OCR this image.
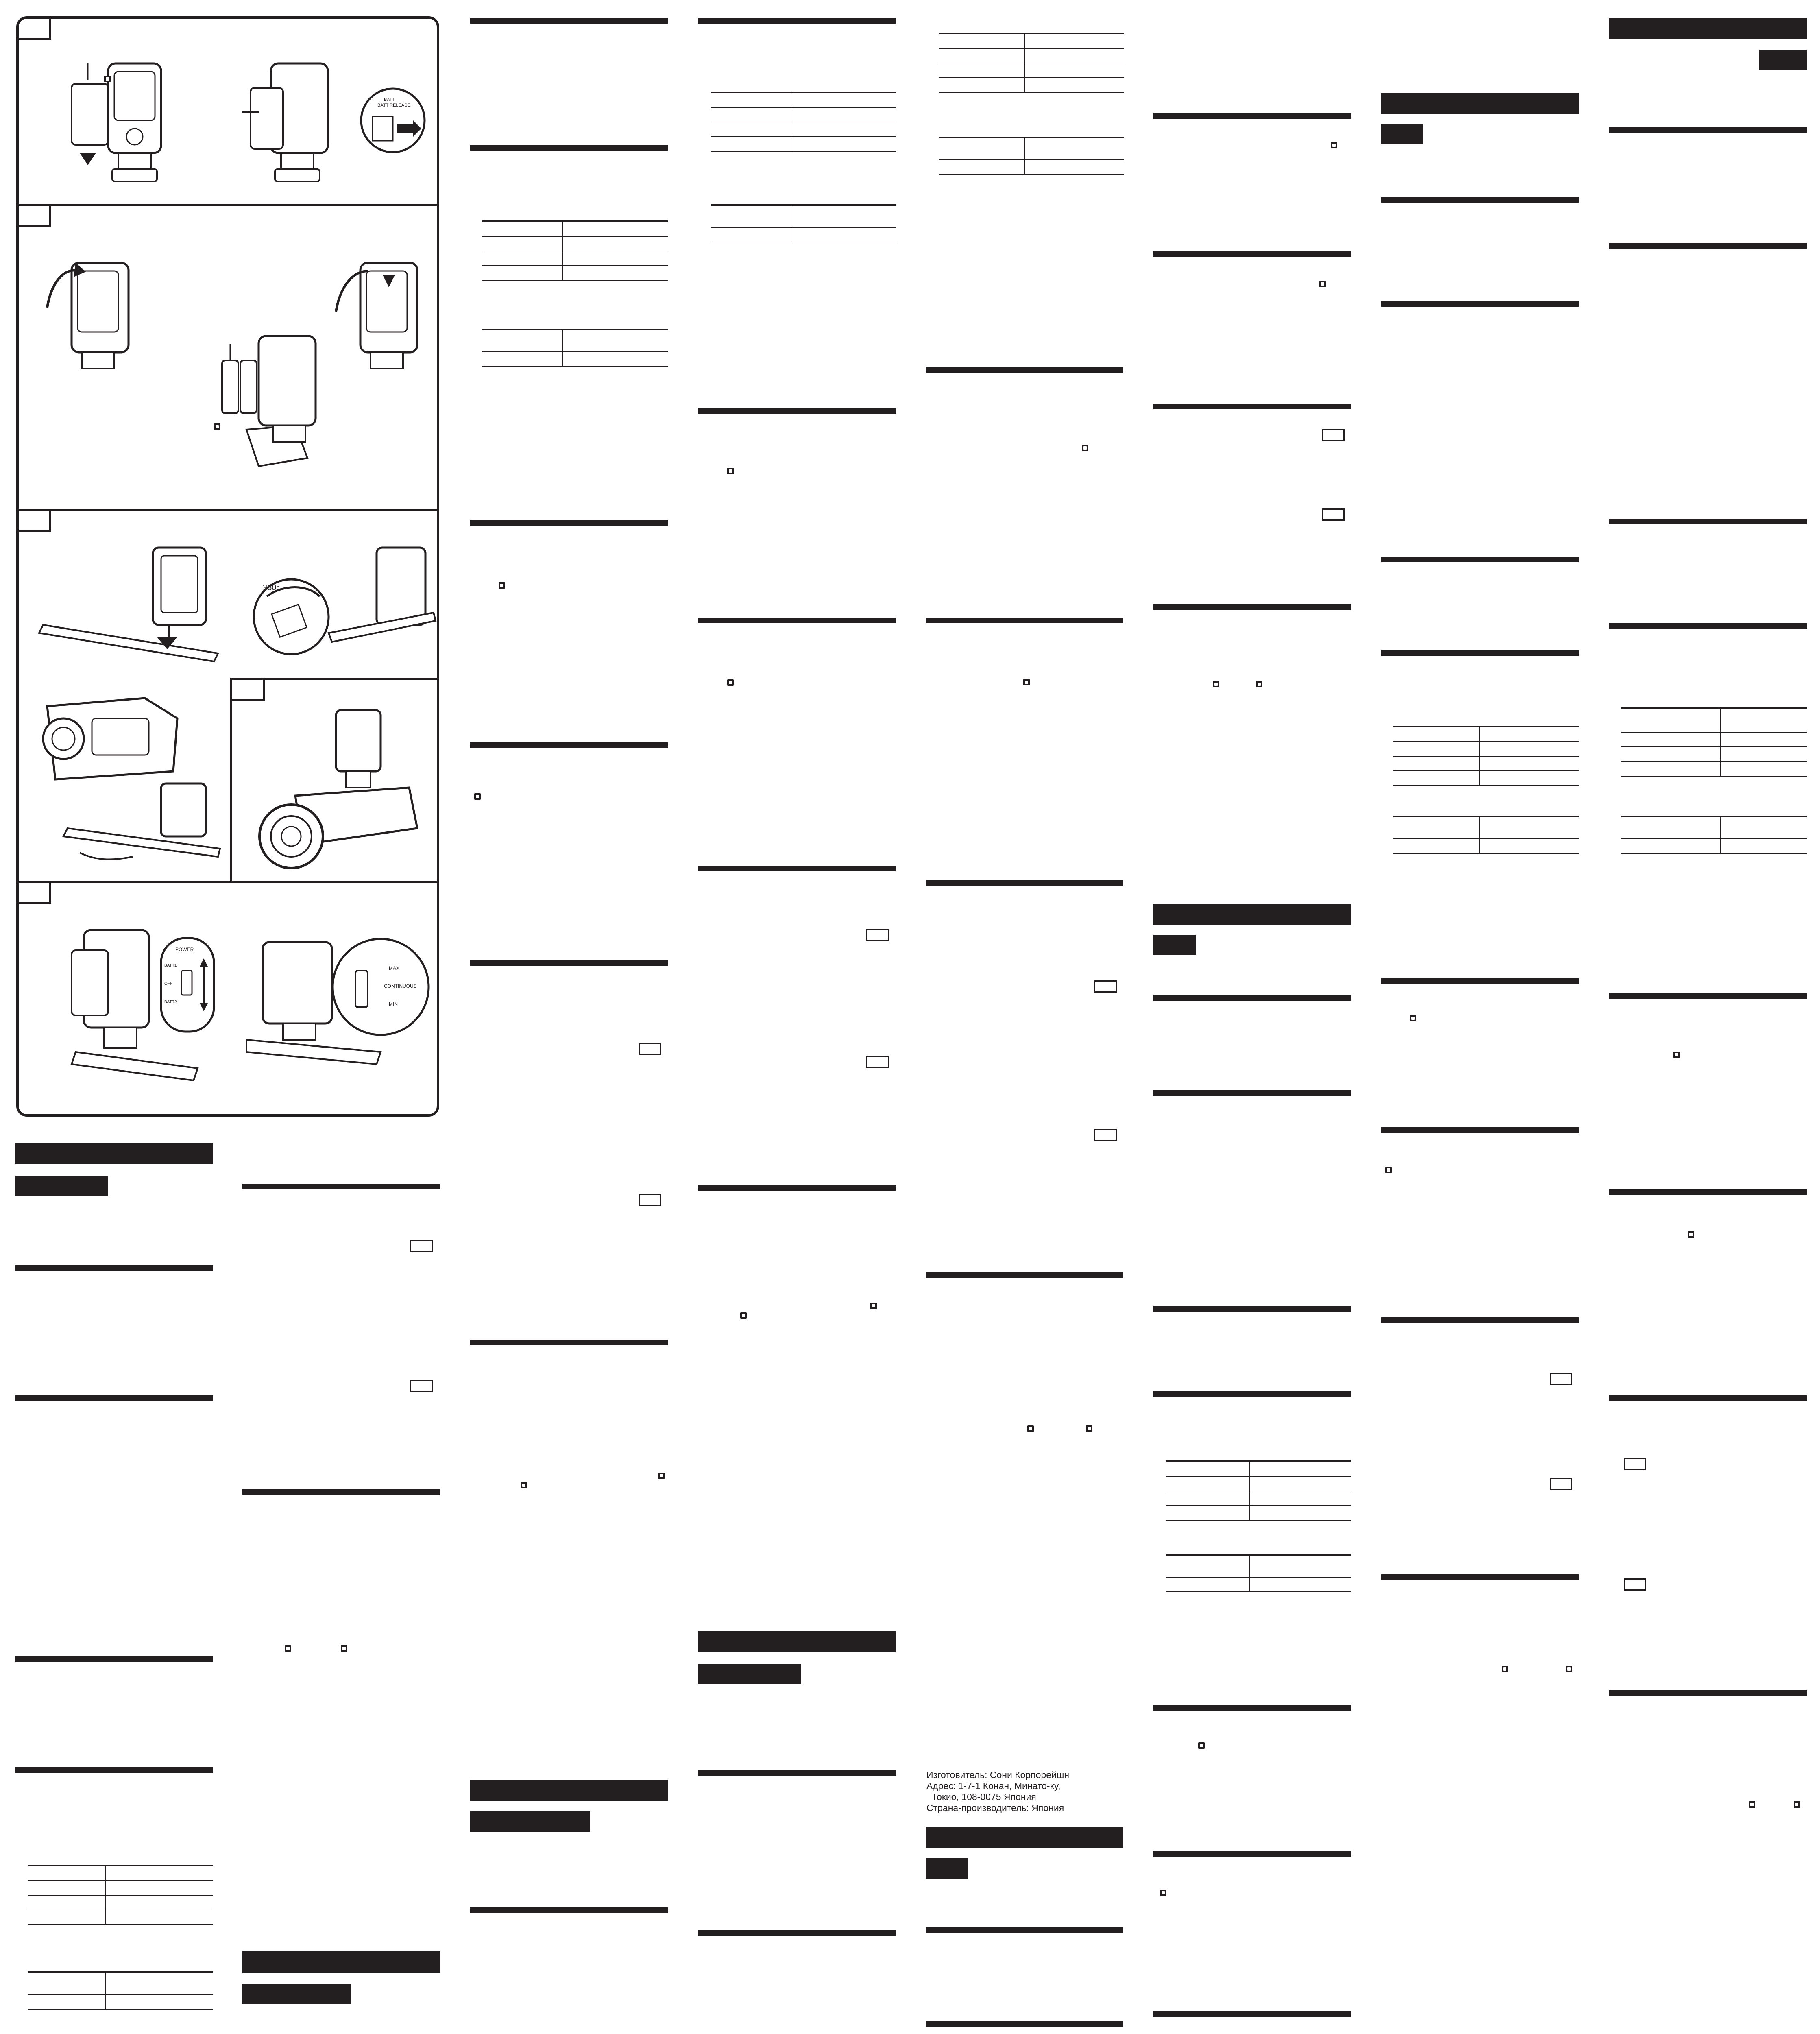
BATT
BATT RELEASE
360°
POWER
BATT1
OFF
BATT2
MAX
CONTINUOUS
MIN

Изготовитель: Сони Корпорейшн
Адрес: 1-7-1 Конан, Минато-ку,
Токио, 108-0075 Япония
Страна-производитель: Япония
